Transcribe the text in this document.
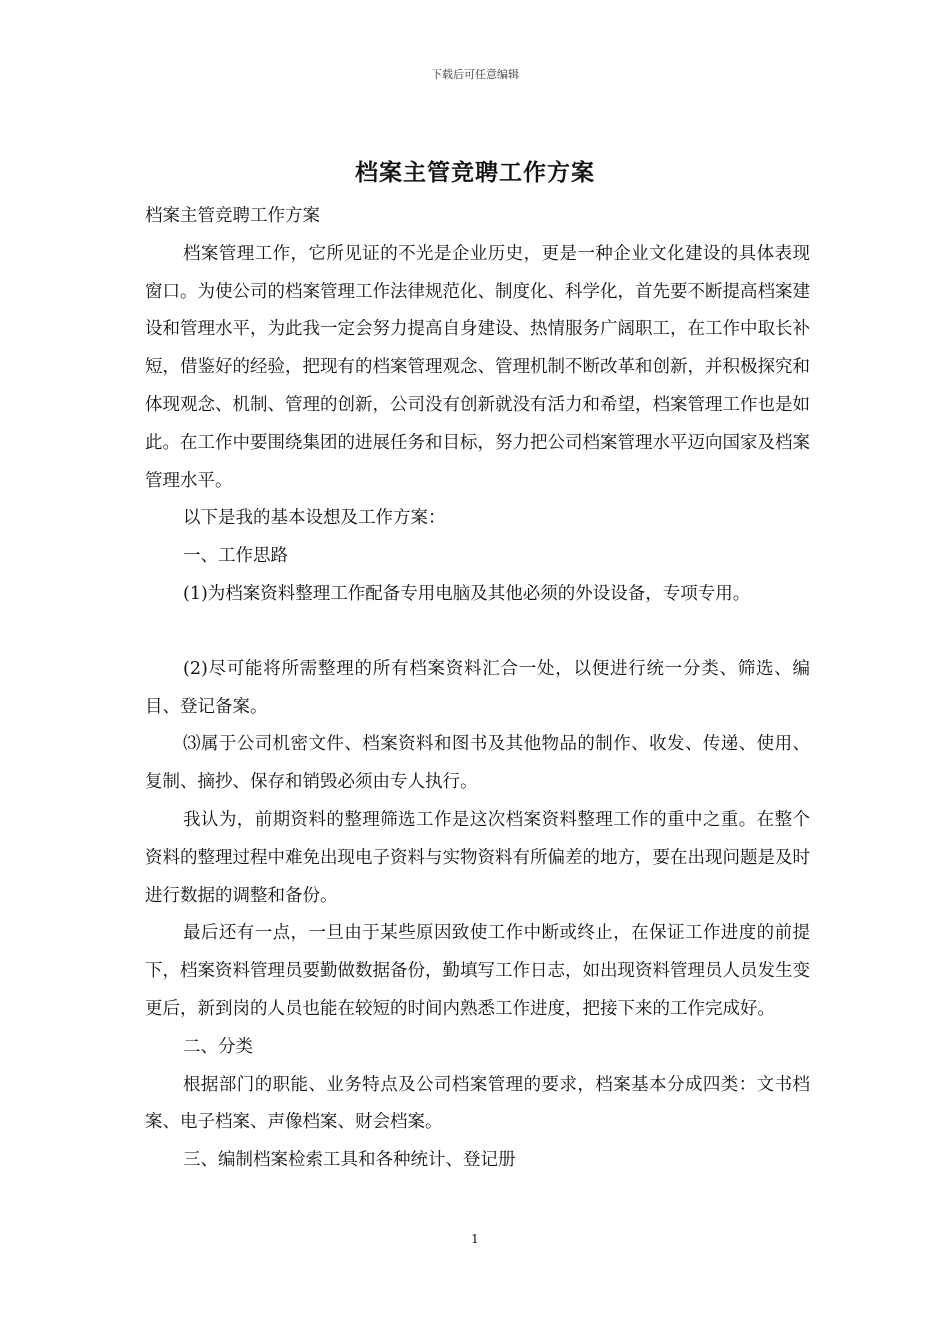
下载后可任意编辑
档案主管竞聘工作方案

档案主管竞聘工作方案

档案管理工作，它所见证的不光是企业历史，更是一种企业文化建设的具体表现窗口。为使公司的档案管理工作法律规范化、制度化、科学化，首先要不断提高档案建设和管理水平，为此我一定会努力提高自身建设、热情服务广阔职工，在工作中取长补短，借鉴好的经验，把现有的档案管理观念、管理机制不断改革和创新，并积极探究和体现观念、机制、管理的创新，公司没有创新就没有活力和希望，档案管理工作也是如此。在工作中要围绕集团的进展任务和目标，努力把公司档案管理水平迈向国家及档案管理水平。

以下是我的基本设想及工作方案：

一、工作思路

(1)为档案资料整理工作配备专用电脑及其他必须的外设设备，专项专用。

(2)尽可能将所需整理的所有档案资料汇合一处，以便进行统一分类、筛选、编目、登记备案。

⑶属于公司机密文件、档案资料和图书及其他物品的制作、收发、传递、使用、复制、摘抄、保存和销毁必须由专人执行。

我认为，前期资料的整理筛选工作是这次档案资料整理工作的重中之重。在整个资料的整理过程中难免出现电子资料与实物资料有所偏差的地方，要在出现问题是及时进行数据的调整和备份。

最后还有一点，一旦由于某些原因致使工作中断或终止，在保证工作进度的前提下，档案资料管理员要勤做数据备份，勤填写工作日志，如出现资料管理员人员发生变更后，新到岗的人员也能在较短的时间内熟悉工作进度，把接下来的工作完成好。

二、分类

根据部门的职能、业务特点及公司档案管理的要求，档案基本分成四类：文书档案、电子档案、声像档案、财会档案。

三、编制档案检索工具和各种统计、登记册

1
